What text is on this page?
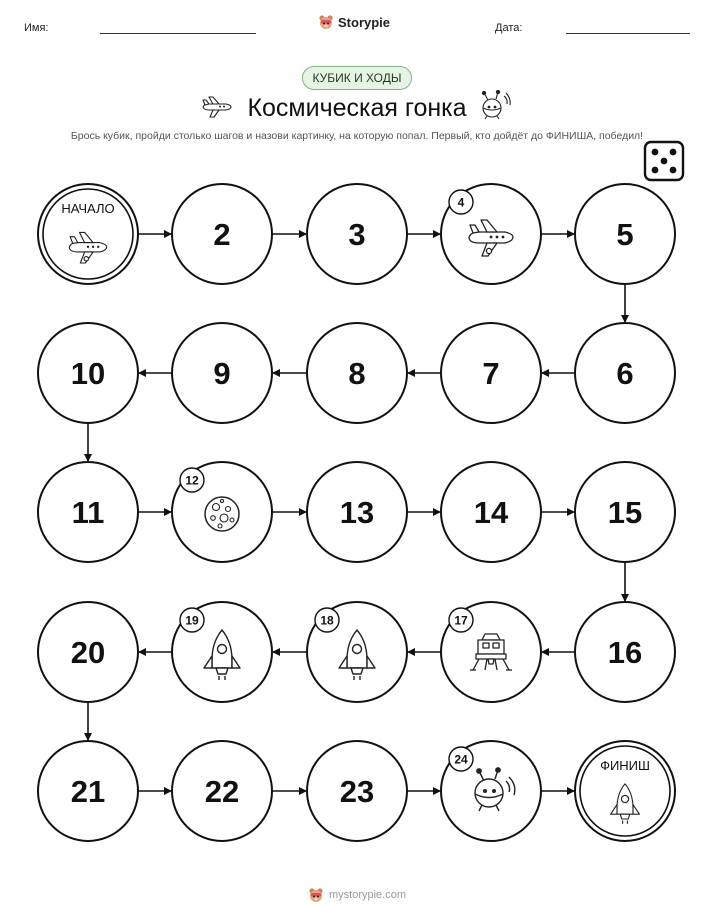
Имя:	Storypie	Дата:
КУБИК И ХОДЫ
Космическая гонка
Брось кубик, пройди столько шагов и назови картинку, на которую попал. Первый, кто дойдёт до ФИНИША, победил!
НАЧАЛО
2	3
4
5
6
7
8
9
10
11
12
13	14	15
16
17
18
19
20
21	22	23
24	ФИНИШ
mystorypie.com
